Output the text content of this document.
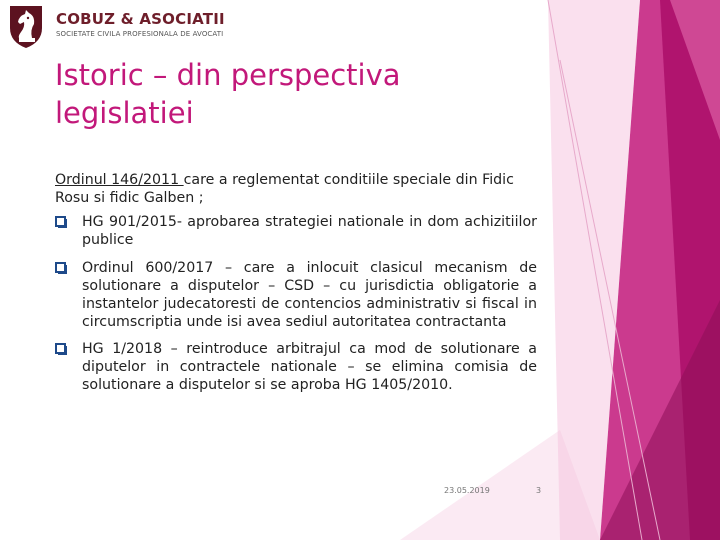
COBUZ & ASOCIATII
SOCIETATE CIVILA PROFESIONALA DE AVOCATI
Istoric – din perspectiva legislatiei

Ordinul 146/2011 care a reglementat conditiile speciale din Fidic Rosu si fidic Galben ;

HG 901/2015- aprobarea strategiei nationale in dom achizitiilor publice
Ordinul 600/2017 – care a inlocuit clasicul mecanism de solutionare a disputelor – CSD – cu jurisdictia obligatorie a instantelor judecatoresti de contencios administrativ si fiscal in circumscriptia unde isi avea sediul autoritatea contractanta
HG 1/2018 – reintroduce arbitrajul ca mod de solutionare a diputelor in contractele nationale – se elimina comisia de solutionare a disputelor si se aproba HG 1405/2010.
23.05.2019	3
